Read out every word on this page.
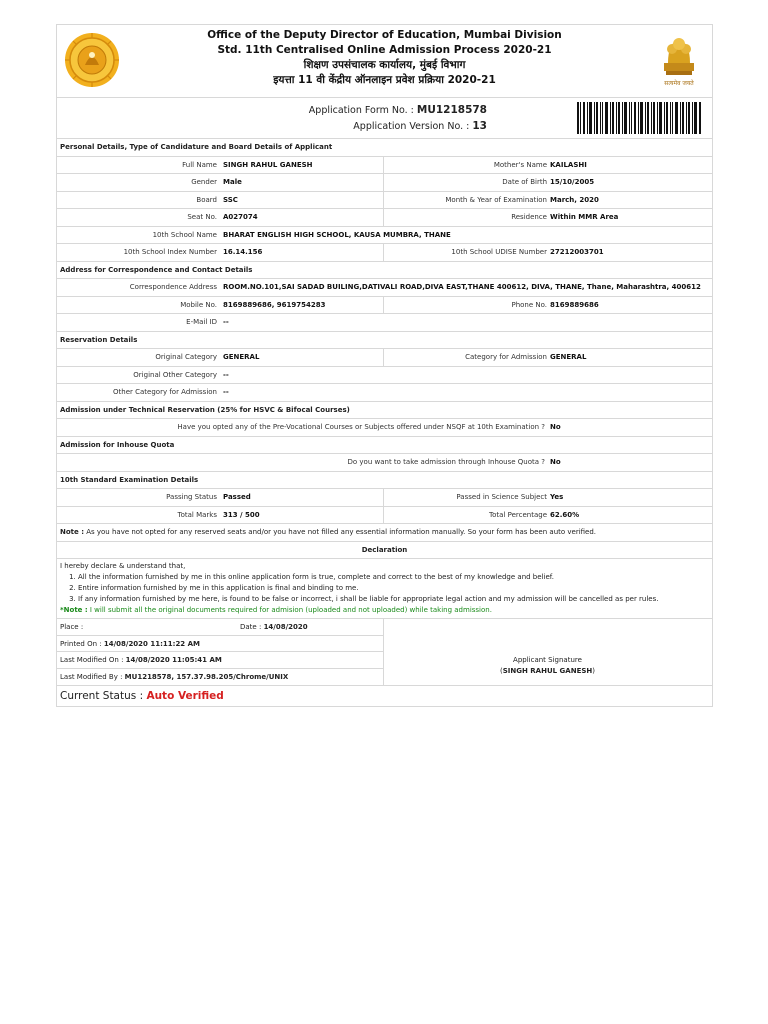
Office of the Deputy Director of Education, Mumbai Division
Std. 11th Centralised Online Admission Process 2020-21
शिक्षण उपसंचालक कार्यालय, मुंबई विभाग
इयत्ता 11 वी केंद्रीय ऑनलाइन प्रवेश प्रक्रिया 2020-21	सत्यमेव जयते
Application Form No. : MU1218578
Application Version No. : 13
Personal Details, Type of Candidature and Board Details of Applicant
Full Name SINGH RAHUL GANESH	Mother's Name KAILASHI
Gender Male	Date of Birth 15/10/2005
Board SSC	Month & Year of Examination March, 2020
Seat No. A027074	Residence Within MMR Area
10th School Name BHARAT ENGLISH HIGH SCHOOL, KAUSA MUMBRA, THANE
10th School Index Number 16.14.156	10th School UDISE Number 27212003701
Address for Correspondence and Contact Details
Correspondence Address ROOM.NO.101,SAI SADAD BUILING,DATIVALI ROAD,DIVA EAST,THANE 400612, DIVA, THANE, Thane, Maharashtra, 400612
Mobile No. 8169889686, 9619754283	Phone No. 8169889686
E-Mail ID --
Reservation Details
Original Category GENERAL	Category for Admission GENERAL
Original Other Category --
Other Category for Admission --
Admission under Technical Reservation (25% for HSVC & Bifocal Courses)
Have you opted any of the Pre-Vocational Courses or Subjects offered under NSQF at 10th Examination ? No
Admission for Inhouse Quota
Do you want to take admission through Inhouse Quota ? No
10th Standard Examination Details
Passing Status Passed	Passed in Science Subject Yes
Total Marks 313 / 500	Total Percentage 62.60%
Note : As you have not opted for any reserved seats and/or you have not filled any essential information manually. So your form has been auto verified.
Declaration
I hereby declare & understand that,
1. All the information furnished by me in this online application form is true, complete and correct to the best of my knowledge and belief.
2. Entire information furnished by me in this application is final and binding to me.
3. If any information furnished by me here, is found to be false or incorrect, i shall be liable for appropriate legal action and my admission will be cancelled as per rules.
*Note : I will submit all the original documents required for admision (uploaded and not uploaded) while taking admission.
Place :	Date : 14/08/2020
Printed On : 14/08/2020 11:11:22 AM
Last Modified On : 14/08/2020 11:05:41 AM
Last Modified By : MU1218578, 157.37.98.205/Chrome/UNIX
Applicant Signature
(SINGH RAHUL GANESH)
Current Status : Auto Verified
